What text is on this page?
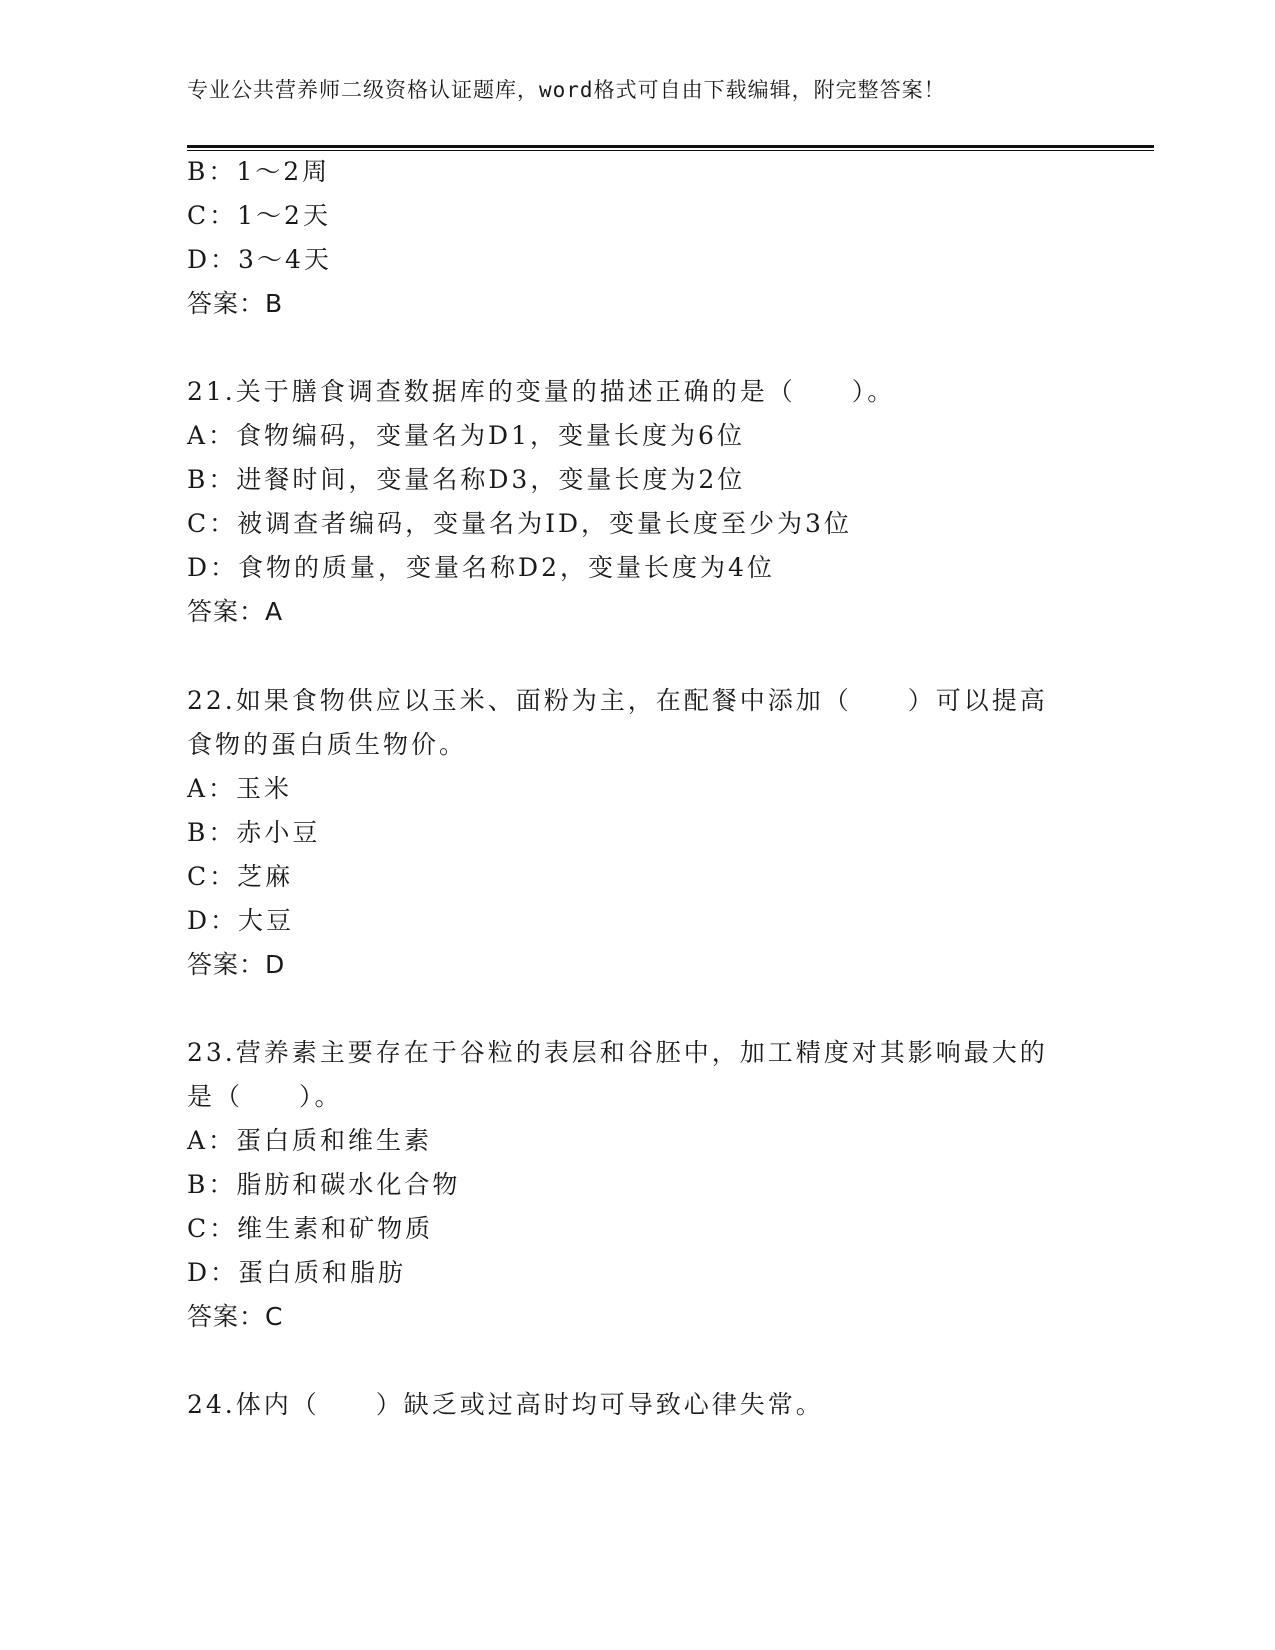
专业公共营养师二级资格认证题库，word格式可自由下载编辑，附完整答案！
B：1～2周
C：1～2天
D：3～4天
答案：B
21.关于膳食调查数据库的变量的描述正确的是（　　）。
A：食物编码，变量名为D1，变量长度为6位
B：进餐时间，变量名称D3，变量长度为2位
C：被调查者编码，变量名为ID，变量长度至少为3位
D：食物的质量，变量名称D2，变量长度为4位
答案：A
22.如果食物供应以玉米、面粉为主，在配餐中添加（　　）可以提高
食物的蛋白质生物价。
A：玉米
B：赤小豆
C：芝麻
D：大豆
答案：D
23.营养素主要存在于谷粒的表层和谷胚中，加工精度对其影响最大的
是（　　）。
A：蛋白质和维生素
B：脂肪和碳水化合物
C：维生素和矿物质
D：蛋白质和脂肪
答案：C
24.体内（　　）缺乏或过高时均可导致心律失常。
